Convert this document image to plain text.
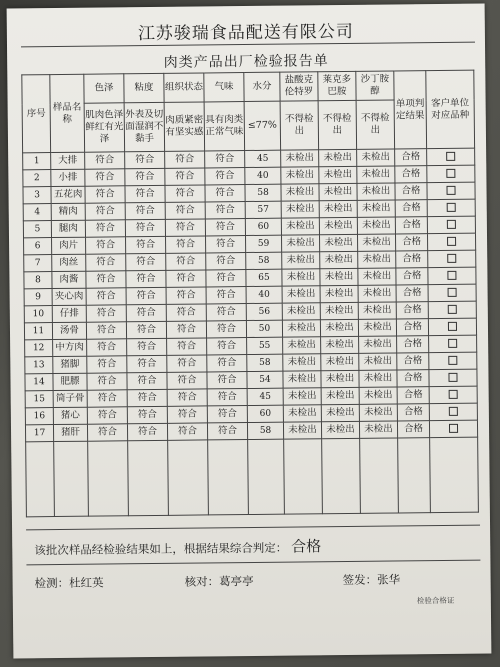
江苏骏瑞食品配送有限公司
肉类产品出厂检验报告单
序号	样品名称	色泽	粘度	组织状态	气味	水分	盐酸克伦特罗	莱克多巴胺	沙丁胺醇	单项判定结果	客户单位对应品种
		肌肉色泽鲜红有光泽	外表及切面湿润不黏手	肉质紧密有坚实感	具有肉类正常气味	≤77%	不得检出	不得检出	不得检出		
1	大排	符合	符合	符合	符合	45	未检出	未检出	未检出	合格	
2	小排	符合	符合	符合	符合	40	未检出	未检出	未检出	合格	
3	五花肉	符合	符合	符合	符合	58	未检出	未检出	未检出	合格	
4	精肉	符合	符合	符合	符合	57	未检出	未检出	未检出	合格	
5	腿肉	符合	符合	符合	符合	60	未检出	未检出	未检出	合格	
6	肉片	符合	符合	符合	符合	59	未检出	未检出	未检出	合格	
7	肉丝	符合	符合	符合	符合	58	未检出	未检出	未检出	合格	
8	肉酱	符合	符合	符合	符合	65	未检出	未检出	未检出	合格	
9	夹心肉	符合	符合	符合	符合	40	未检出	未检出	未检出	合格	
10	仔排	符合	符合	符合	符合	56	未检出	未检出	未检出	合格	
11	汤骨	符合	符合	符合	符合	50	未检出	未检出	未检出	合格	
12	中方肉	符合	符合	符合	符合	55	未检出	未检出	未检出	合格	
13	猪脚	符合	符合	符合	符合	58	未检出	未检出	未检出	合格	
14	肥膘	符合	符合	符合	符合	54	未检出	未检出	未检出	合格	
15	筒子骨	符合	符合	符合	符合	45	未检出	未检出	未检出	合格	
16	猪心	符合	符合	符合	符合	60	未检出	未检出	未检出	合格	
17	猪肝	符合	符合	符合	符合	58	未检出	未检出	未检出	合格	

该批次样品经检验结果如上，根据结果综合判定： 合格
检测：杜红英	核对：葛亭亭	签发：张华
检验合格证
